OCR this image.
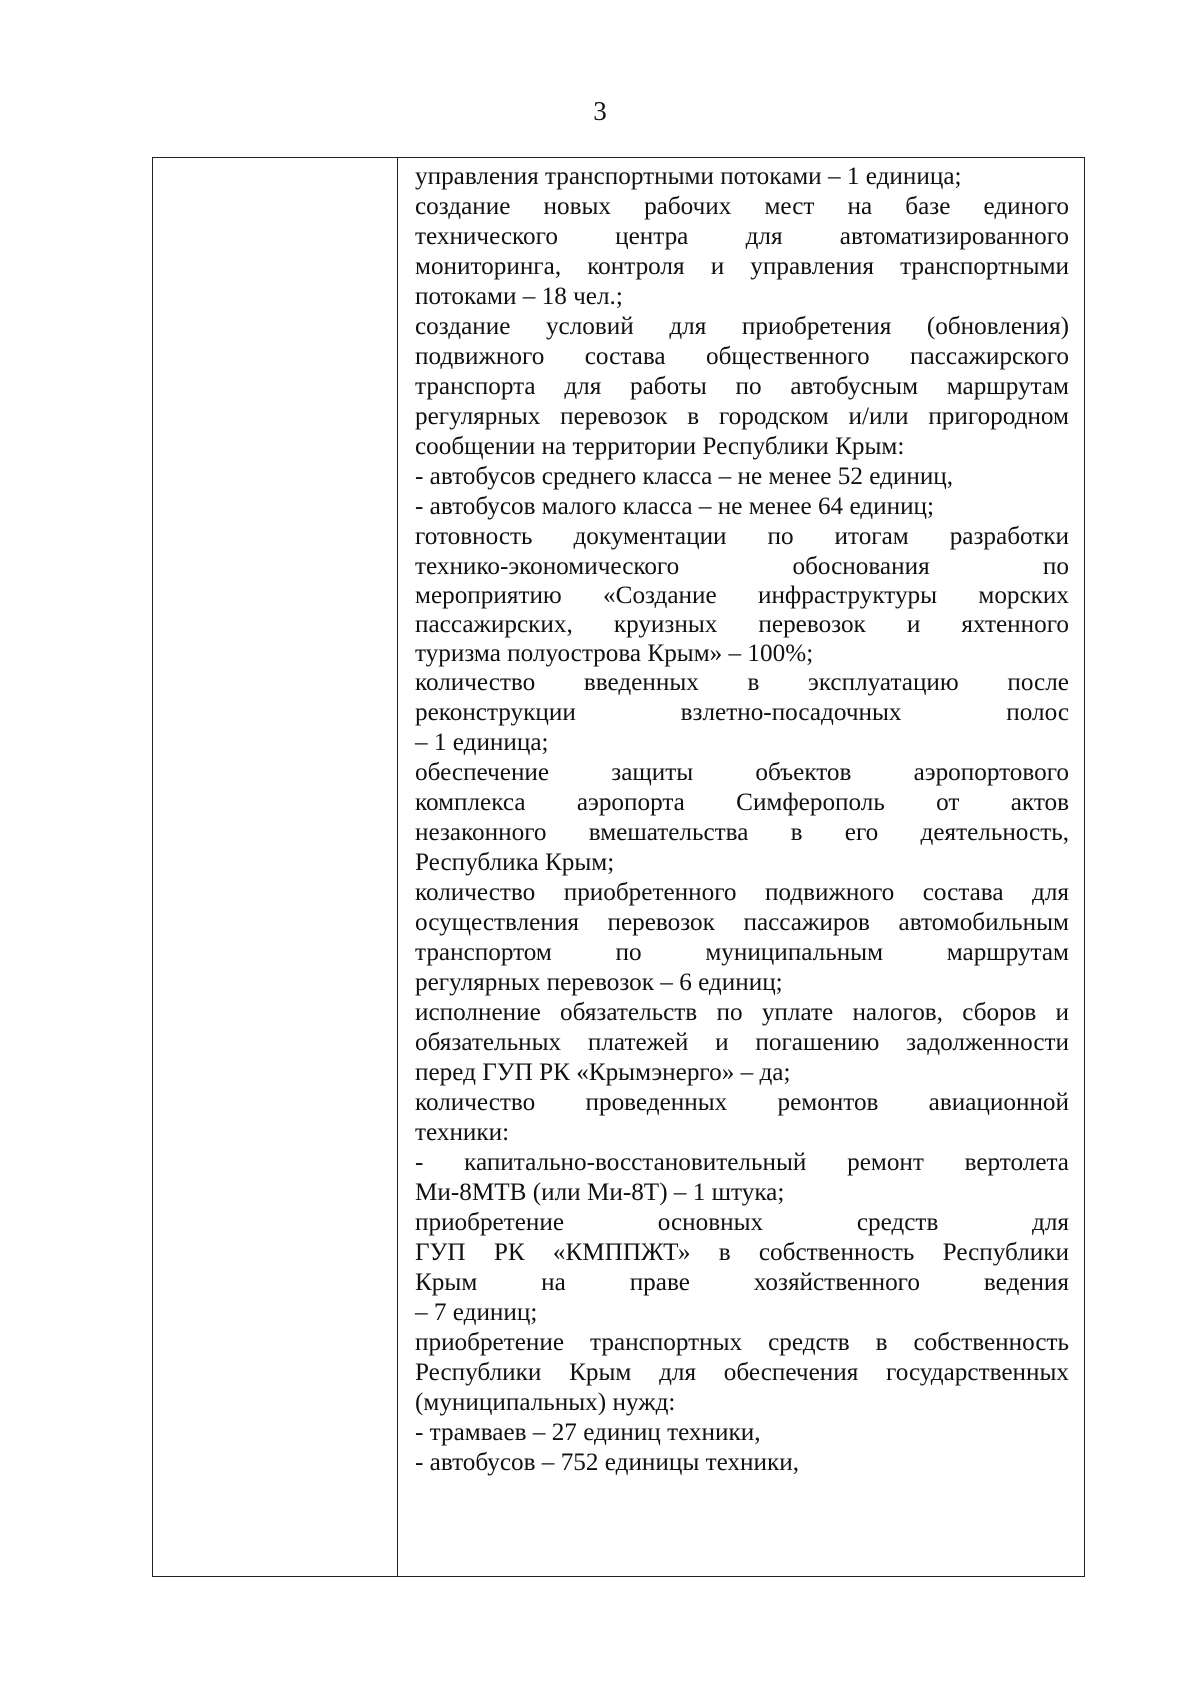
3
управления транспортными потоками – 1 единица;
создание новых рабочих мест на базе единого
технического центра для автоматизированного
мониторинга, контроля и управления транспортными
потоками – 18 чел.;
создание условий для приобретения (обновления)
подвижного состава общественного пассажирского
транспорта для работы по автобусным маршрутам
регулярных перевозок в городском и/или пригородном
сообщении на территории Республики Крым:
- автобусов среднего класса – не менее 52 единиц,
- автобусов малого класса – не менее 64 единиц;
готовность документации по итогам разработки
технико-экономического обоснования по
мероприятию «Создание инфраструктуры морских
пассажирских, круизных перевозок и яхтенного
туризма полуострова Крым» – 100%;
количество введенных в эксплуатацию после
реконструкции взлетно-посадочных полос
– 1 единица;
обеспечение защиты объектов аэропортового
комплекса аэропорта Симферополь от актов
незаконного вмешательства в его деятельность,
Республика Крым;
количество приобретенного подвижного состава для
осуществления перевозок пассажиров автомобильным
транспортом по муниципальным маршрутам
регулярных перевозок – 6 единиц;
исполнение обязательств по уплате налогов, сборов и
обязательных платежей и погашению задолженности
перед ГУП РК «Крымэнерго» – да;
количество проведенных ремонтов авиационной
техники:
- капитально-восстановительный ремонт вертолета
Ми-8МТВ (или Ми-8Т) – 1 штука;
приобретение основных средств для
ГУП РК «КМППЖТ» в собственность Республики
Крым на праве хозяйственного ведения
– 7 единиц;
приобретение транспортных средств в собственность
Республики Крым для обеспечения государственных
(муниципальных) нужд:
- трамваев – 27 единиц техники,
- автобусов – 752 единицы техники,
